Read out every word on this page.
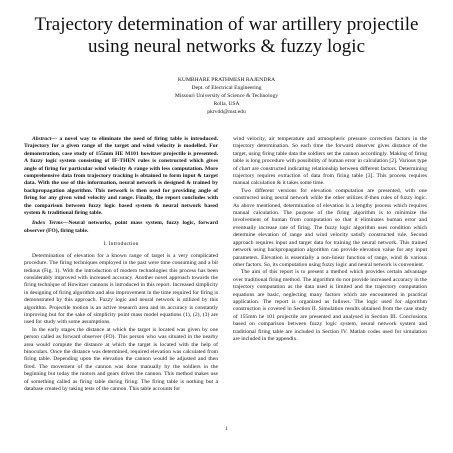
Trajectory determination of war artillery projectile
using neural networks & fuzzy logic
KUMBHARE PRATHMESH RAJENDRA
Dept. of Electrical Engineering
Missouri University of Science & Technology
Rolla, USA
pkrvdd@mst.edu

Abstract— a novel way to eliminate the need of firing table is introduced. Trajectory for a given range of the target and wind velocity is modelled. For demonstration, case study of 155mm HE M101 howitzer projectile is presented. A fuzzy logic system consisting of IF-THEN rules is constructed which gives angle of firing for particular wind velocity & range with less computation. More comprehensive data from trajectory tracking is obtained to form input & target data. With the use of this information, neural network is designed & trained by backpropagation algorithm. This network is then used for providing angle of firing for any given wind velocity and range. Finally, the report concludes with the comparison between fuzzy logic based system & neural network based system & traditional firing table.

Index Terms—Neural networks, point mass system, fuzzy logic, forward observer (FO), firing table.

I. Introduction

Determination of elevation for a known range of target is a very complicated procedure. The firing techniques employed in the past were time consuming and a bit tedious (Fig. 1). With the introduction of modern technologies this process has been considerably improved with increased accuracy. Another novel approach towards the firing technique of Howitzer cannons is introduced in this report. Increased simplicity in designing of firing algorithm and also improvement in the time required for firing is demonstrated by this approach. Fuzzy logic and neural network is utilized by this algorithm. Projectile motion is an active research area and its accuracy is constantly improving but for the sake of simplicity point mass model equations (1), (2), (3) are used for study with some assumptions.

In the early stages the distance at which the target is located was given by one person called as forward observer (FO). This person who was situated in the nearby area would compute the distance at which the target is located with the help of binoculars. Once the distance was determined, required elevation was calculated from firing table. Depending upon the elevation the cannon would be adjusted and then fired. The movement of the cannon was done manually by the soldiers in the beginning but today the motors and gears drives the cannon. This method makes use of something called as firing table during firing. The firing table is nothing but a database created by taking tests of the cannon. This table accounts for

wind velocity, air temperature and atmospheric pressure correction factors in the trajectory determination. So each time the forward observer gives distance of the target, using firing table data the soldiers set the cannon accordingly. Making of firing table is long procedure with possibility of human error in calculation [2]. Various type of chart are constructed indicating relationship between different factors. Determining trajectory requires extraction of data from firing table [3]. This process requires manual calculation & it takes some time.

Two different versions for elevation computation are presented, with one constructed using neural network while the other utilizes if-then rules of fuzzy logic. As above mentioned, determination of elevation is a lengthy process which requires manual calculation. The purpose of the firing algorithm is to minimize the involvement of human from computation so that it eliminates human error and eventually increase rate of firing. The fuzzy logic algorithm uses condition which determine elevation of range and wind velocity satisfy constructed rule. Second approach requires input and target data for training the neural network. This trained network using backpropagation algorithm can provide elevation value for any input parameters. Elevation is essentially a non-linear function of range, wind & various other factors. So, its computation using fuzzy logic and neural network is convenient.

The aim of this report is to present a method which provides certain advantage over traditional firing method. The algorithm do not provide increased accuracy in the trajectory computation as the data used is limited and the trajectory computation equations are basic, neglecting many factors which are encountered in practical application. The report is organized as follows. The logic used for algorithm construction is covered in Section II. Simulation results obtained from the case study of 155mm he 101 projectile are presented and analysed in Section III. Conclusions based on comparison between fuzzy logic system, neural network system and traditional firing table are included in Section IV. Matlab codes used for simulation are included in the appendix.

1
